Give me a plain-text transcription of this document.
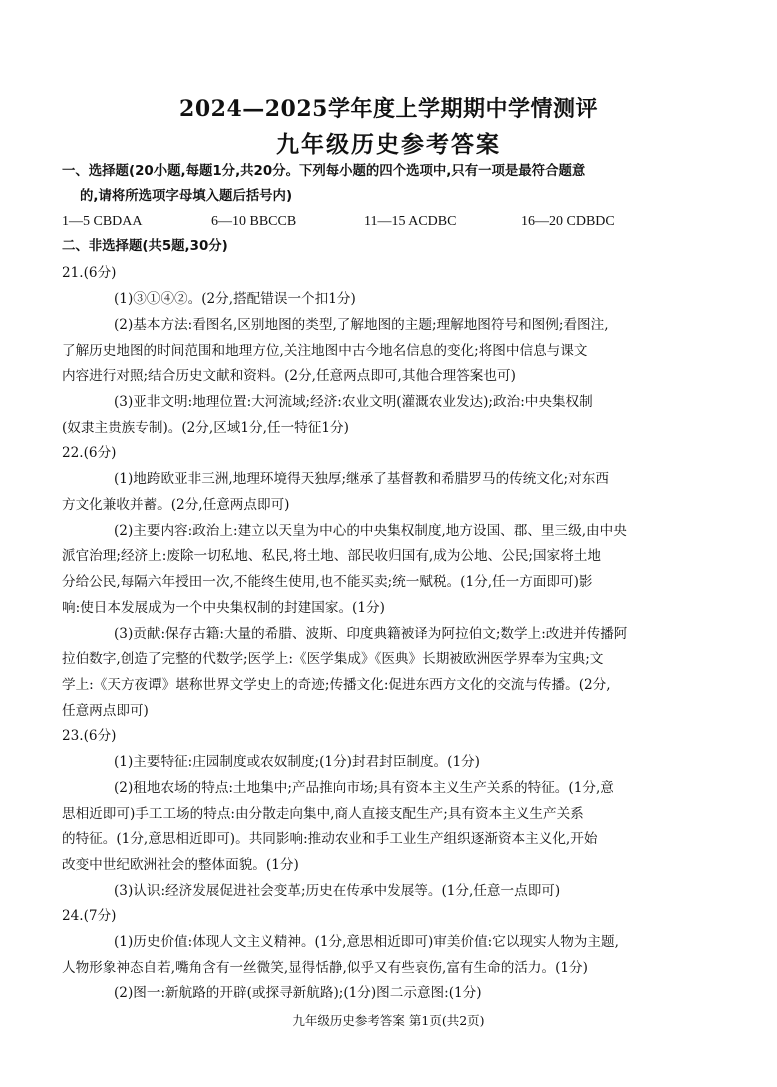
2024—2025学年度上学期期中学情测评
九年级历史参考答案
一、选择题(20小题,每题1分,共20分。下列每小题的四个选项中,只有一项是最符合题意
的,请将所选项字母填入题后括号内)
1—5 CBDAA	6—10 BBCCB	11—15 ACDBC	16—20 CDBDC
二、非选择题(共5题,30分)
21.(6分)
(1)③①④②。(2分,搭配错误一个扣1分)
(2)基本方法:看图名,区别地图的类型,了解地图的主题;理解地图符号和图例;看图注,
了解历史地图的时间范围和地理方位,关注地图中古今地名信息的变化;将图中信息与课文
内容进行对照;结合历史文献和资料。(2分,任意两点即可,其他合理答案也可)
(3)亚非文明:地理位置:大河流域;经济:农业文明(灌溉农业发达);政治:中央集权制
(奴隶主贵族专制)。(2分,区域1分,任一特征1分)
22.(6分)
(1)地跨欧亚非三洲,地理环境得天独厚;继承了基督教和希腊罗马的传统文化;对东西
方文化兼收并蓄。(2分,任意两点即可)
(2)主要内容:政治上:建立以天皇为中心的中央集权制度,地方设国、郡、里三级,由中央
派官治理;经济上:废除一切私地、私民,将土地、部民收归国有,成为公地、公民;国家将土地
分给公民,每隔六年授田一次,不能终生使用,也不能买卖;统一赋税。(1分,任一方面即可)影
响:使日本发展成为一个中央集权制的封建国家。(1分)
(3)贡献:保存古籍:大量的希腊、波斯、印度典籍被译为阿拉伯文;数学上:改进并传播阿
拉伯数字,创造了完整的代数学;医学上:《医学集成》《医典》长期被欧洲医学界奉为宝典;文
学上:《天方夜谭》堪称世界文学史上的奇迹;传播文化:促进东西方文化的交流与传播。(2分,
任意两点即可)
23.(6分)
(1)主要特征:庄园制度或农奴制度;(1分)封君封臣制度。(1分)
(2)租地农场的特点:土地集中;产品推向市场;具有资本主义生产关系的特征。(1分,意
思相近即可)手工工场的特点:由分散走向集中,商人直接支配生产;具有资本主义生产关系
的特征。(1分,意思相近即可)。共同影响:推动农业和手工业生产组织逐渐资本主义化,开始
改变中世纪欧洲社会的整体面貌。(1分)
(3)认识:经济发展促进社会变革;历史在传承中发展等。(1分,任意一点即可)
24.(7分)
(1)历史价值:体现人文主义精神。(1分,意思相近即可)审美价值:它以现实人物为主题,
人物形象神态自若,嘴角含有一丝微笑,显得恬静,似乎又有些哀伤,富有生命的活力。(1分)
(2)图一:新航路的开辟(或探寻新航路);(1分)图二示意图:(1分)
九年级历史参考答案 第1页(共2页)
